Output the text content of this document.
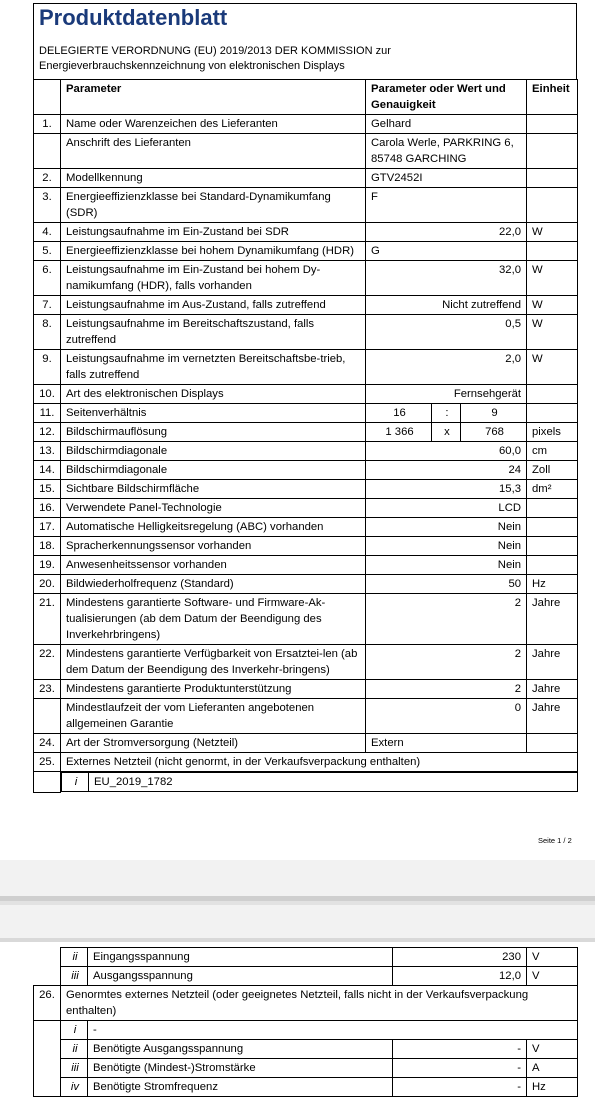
Produktdatenblatt
DELEGIERTE VERORDNUNG (EU) 2019/2013 DER KOMMISSION zur
Energieverbrauchskennzeichnung von elektronischen Displays
	Parameter	Parameter oder Wert und Genauigkeit	Einheit
1.	Name oder Warenzeichen des Lieferanten	Gelhard	
	Anschrift des Lieferanten	Carola Werle, PARKRING 6, 85748 GARCHING	
2.	Modellkennung	GTV2452I	
3.	Energieeffizienzklasse bei Standard-Dynamikumfang (SDR)	F	
4.	Leistungsaufnahme im Ein-Zustand bei SDR	22,0	W
5.	Energieeffizienzklasse bei hohem Dynamikumfang (HDR)	G	
6.	Leistungsaufnahme im Ein-Zustand bei hohem Dy-namikumfang (HDR), falls vorhanden	32,0	W
7.	Leistungsaufnahme im Aus-Zustand, falls zutreffend	Nicht zutreffend	W
8.	Leistungsaufnahme im Bereitschaftszustand, falls zutreffend	0,5	W
9.	Leistungsaufnahme im vernetzten Bereitschaftsbe-trieb, falls zutreffend	2,0	W
10.	Art des elektronischen Displays	Fernsehgerät	
11.	Seitenverhältnis	16	:	9	
12.	Bildschirmauflösung	1 366	x	768	pixels
13.	Bildschirmdiagonale	60,0	cm
14.	Bildschirmdiagonale	24	Zoll
15.	Sichtbare Bildschirmfläche	15,3	dm²
16.	Verwendete Panel-Technologie	LCD	
17.	Automatische Helligkeitsregelung (ABC) vorhanden	Nein	
18.	Spracherkennungssensor vorhanden	Nein	
19.	Anwesenheitssensor vorhanden	Nein	
20.	Bildwiederholfrequenz (Standard)	50	Hz
21.	Mindestens garantierte Software- und Firmware-Ak-tualisierungen (ab dem Datum der Beendigung des Inverkehrbringens)	2	Jahre
22.	Mindestens garantierte Verfügbarkeit von Ersatztei-len (ab dem Datum der Beendigung des Inverkehr-bringens)	2	Jahre
23.	Mindestens garantierte Produktunterstützung	2	Jahre
	Mindestlaufzeit der vom Lieferanten angebotenen allgemeinen Garantie	0	Jahre
24.	Art der Stromversorgung (Netzteil)	Extern	
25.	Externes Netzteil (nicht genormt, in der Verkaufsverpackung enthalten)

i	EU_2019_1782
Seite 1 / 2
	ii	Eingangsspannung	230	V
	iii	Ausgangsspannung	12,0	V
26.	Genormtes externes Netzteil (oder geeignetes Netzteil, falls nicht in der Verkaufsverpackung enthalten)			
	i	-		
	ii	Benötigte Ausgangsspannung	-	V
	iii	Benötigte (Mindest-)Stromstärke	-	A
	iv	Benötigte Stromfrequenz	-	Hz
